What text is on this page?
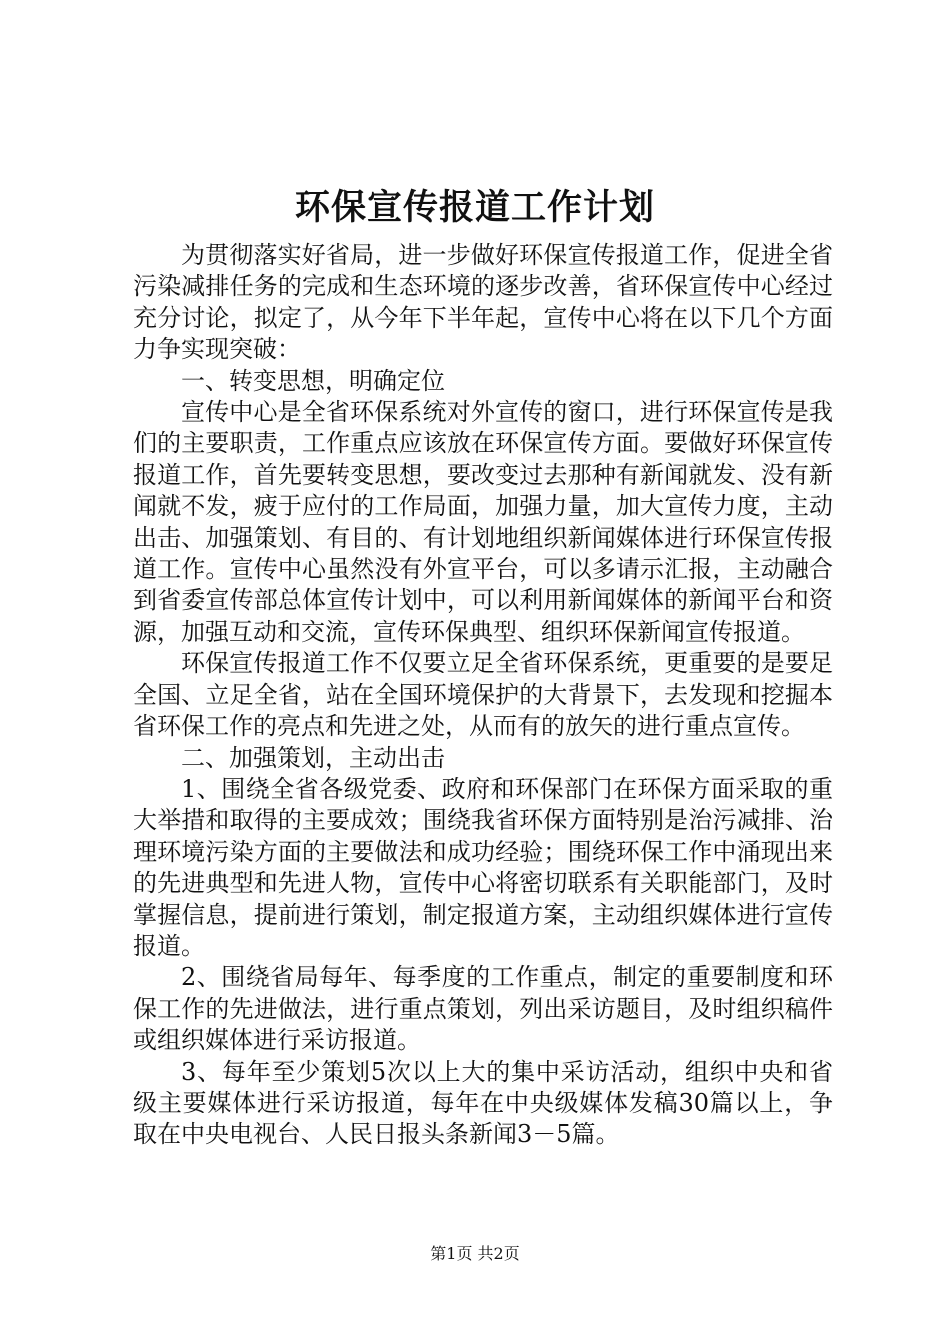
环保宣传报道工作计划

为贯彻落实好省局，进一步做好环保宣传报道工作，促进全省污染减排任务的完成和生态环境的逐步改善，省环保宣传中心经过充分讨论，拟定了，从今年下半年起，宣传中心将在以下几个方面力争实现突破：

一、转变思想，明确定位

宣传中心是全省环保系统对外宣传的窗口，进行环保宣传是我们的主要职责，工作重点应该放在环保宣传方面。要做好环保宣传报道工作，首先要转变思想，要改变过去那种有新闻就发、没有新闻就不发，疲于应付的工作局面，加强力量，加大宣传力度，主动出击、加强策划、有目的、有计划地组织新闻媒体进行环保宣传报道工作。宣传中心虽然没有外宣平台，可以多请示汇报，主动融合到省委宣传部总体宣传计划中，可以利用新闻媒体的新闻平台和资源，加强互动和交流，宣传环保典型、组织环保新闻宣传报道。

环保宣传报道工作不仅要立足全省环保系统，更重要的是要足全国、立足全省，站在全国环境保护的大背景下，去发现和挖掘本省环保工作的亮点和先进之处，从而有的放矢的进行重点宣传。

二、加强策划，主动出击

1、围绕全省各级党委、政府和环保部门在环保方面采取的重大举措和取得的主要成效；围绕我省环保方面特别是治污减排、治理环境污染方面的主要做法和成功经验；围绕环保工作中涌现出来的先进典型和先进人物，宣传中心将密切联系有关职能部门，及时掌握信息，提前进行策划，制定报道方案，主动组织媒体进行宣传报道。

2、围绕省局每年、每季度的工作重点，制定的重要制度和环保工作的先进做法，进行重点策划，列出采访题目，及时组织稿件或组织媒体进行采访报道。

3、每年至少策划5次以上大的集中采访活动，组织中央和省级主要媒体进行采访报道，每年在中央级媒体发稿30篇以上，争取在中央电视台、人民日报头条新闻3－5篇。

第1页 共2页
